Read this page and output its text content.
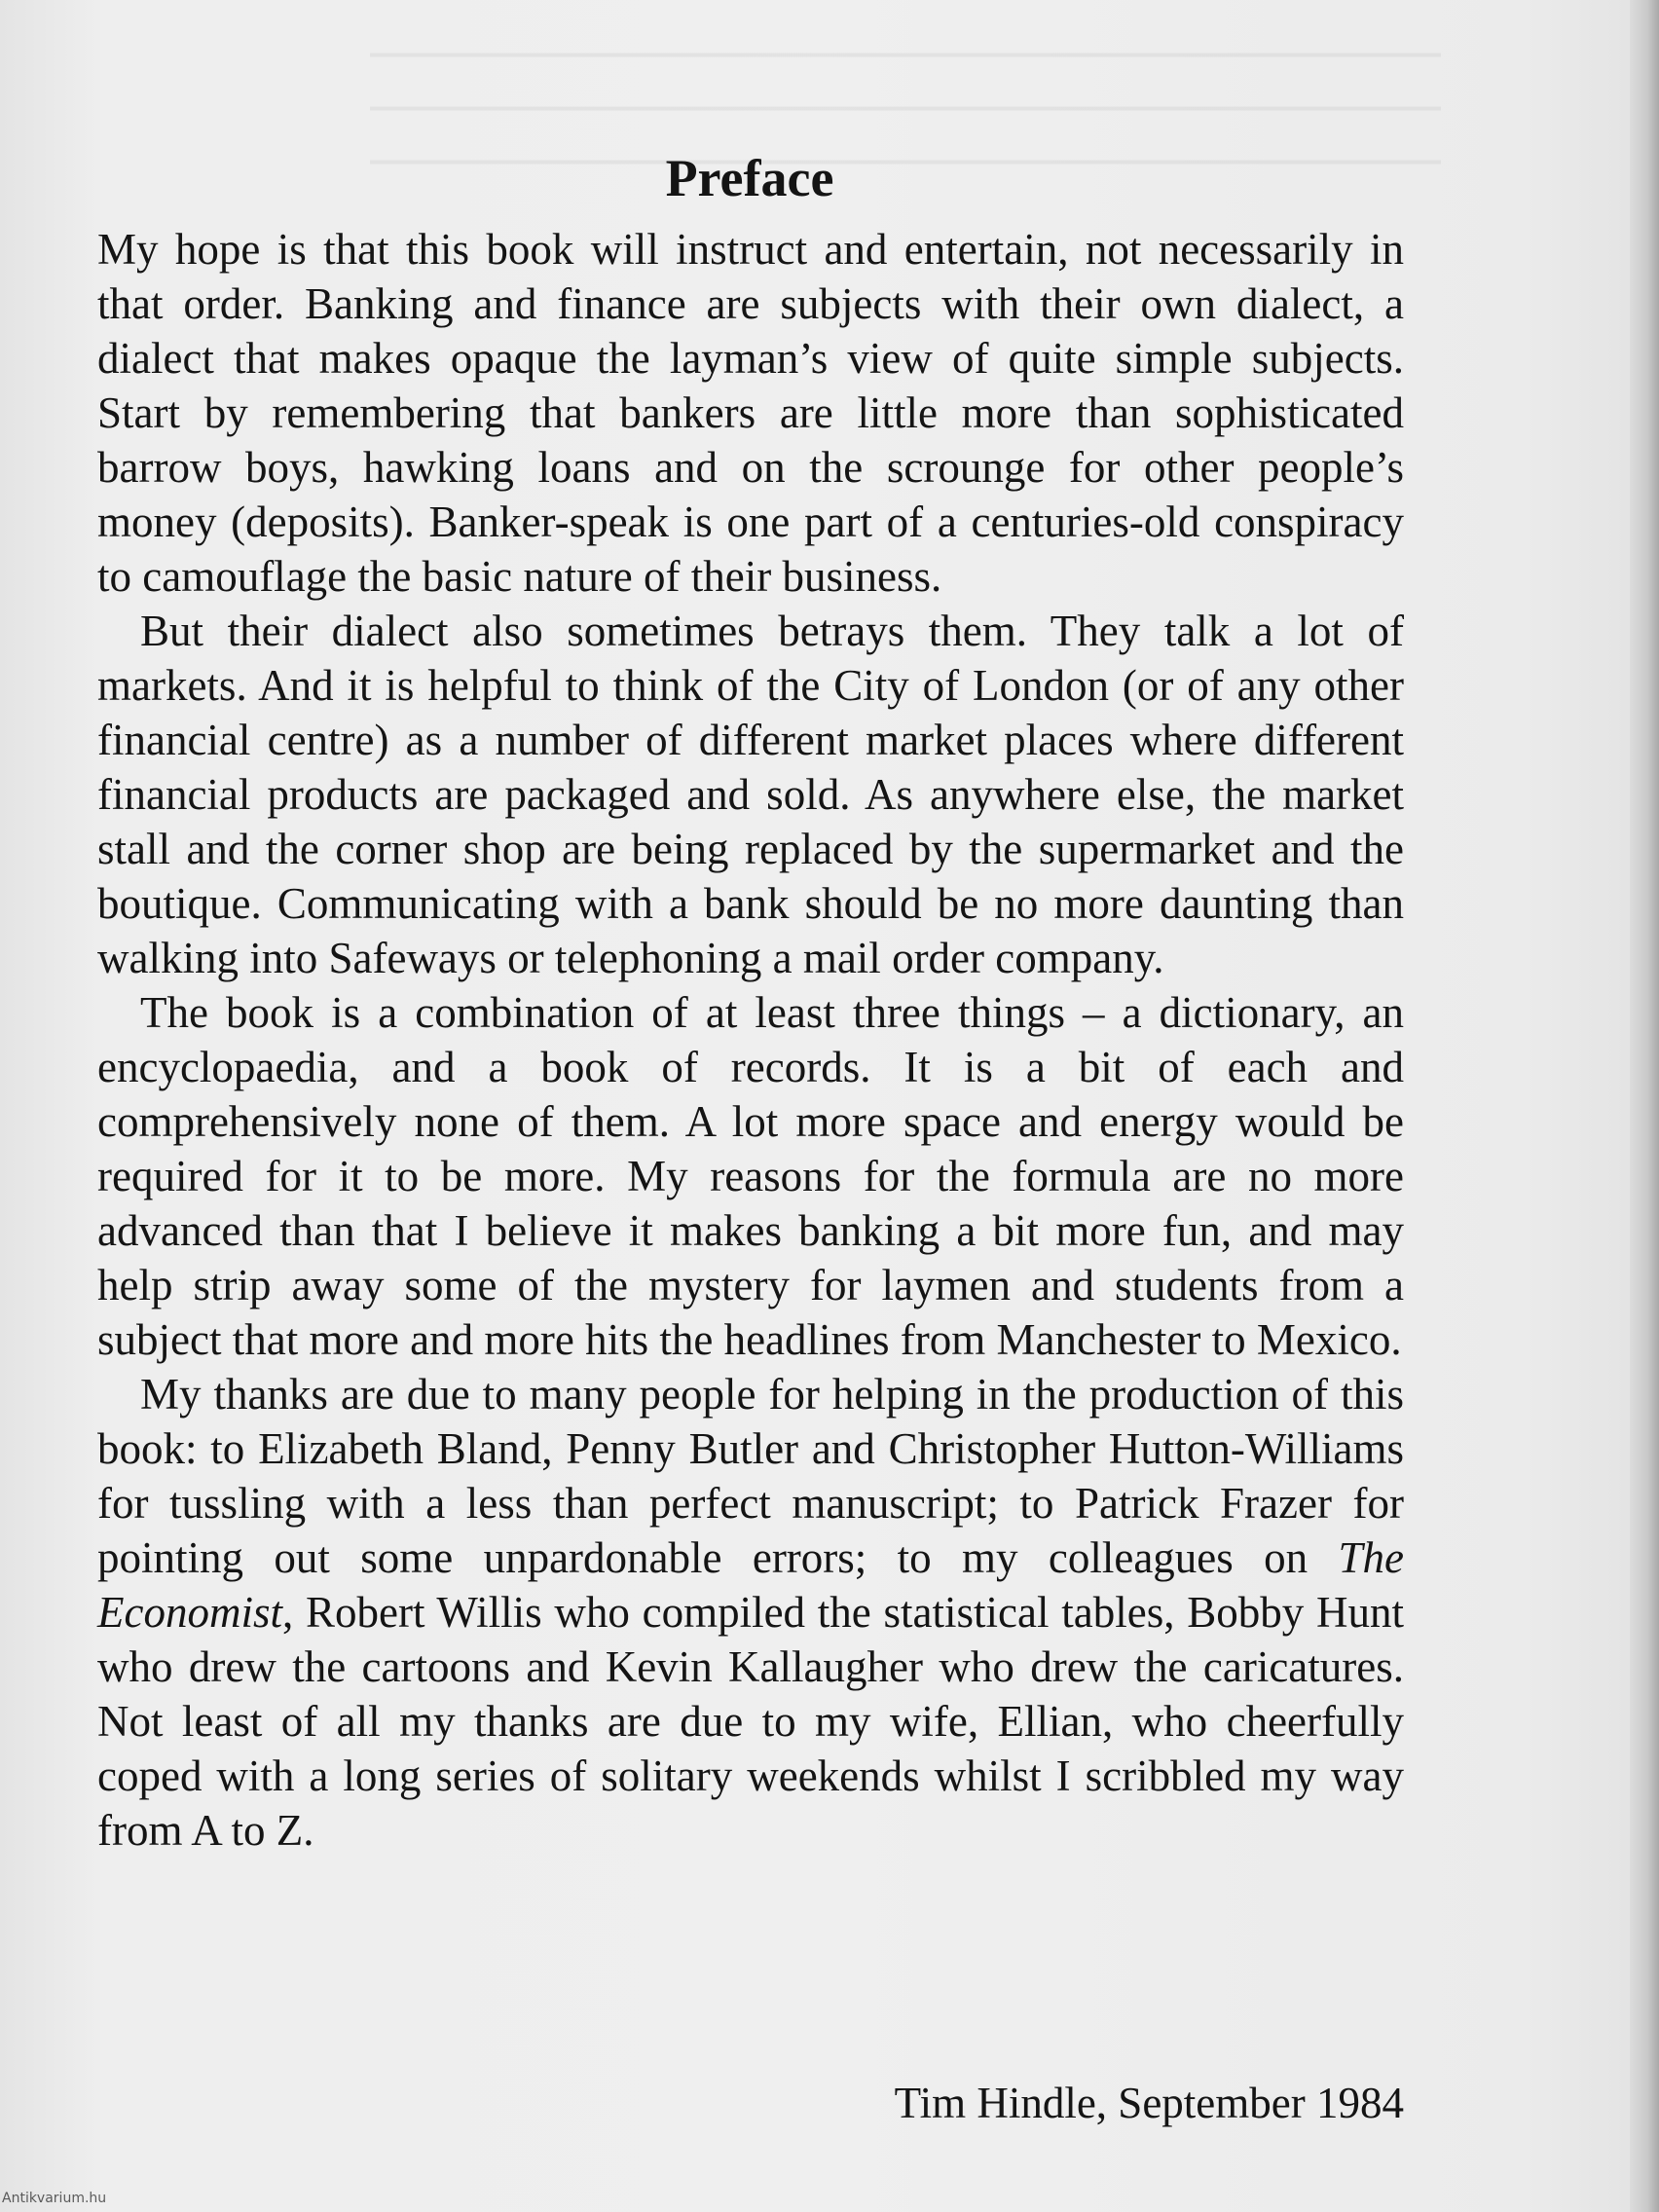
Preface

My hope is that this book will instruct and entertain, not necessarily in that order. Banking and finance are subjects with their own dialect, a dialect that makes opaque the layman’s view of quite simple subjects. Start by remembering that bankers are little more than sophisticated barrow boys, hawking loans and on the scrounge for other people’s money (deposits). Banker-speak is one part of a centuries-old conspiracy to camouflage the basic nature of their business.

But their dialect also sometimes betrays them. They talk a lot of markets. And it is helpful to think of the City of London (or of any other financial centre) as a number of different market places where different financial products are packaged and sold. As anywhere else, the market stall and the corner shop are being replaced by the supermarket and the boutique. Communicating with a bank should be no more daunting than walking into Safeways or telephoning a mail order company.

The book is a combination of at least three things – a dictionary, an encyclopaedia, and a book of records. It is a bit of each and comprehensively none of them. A lot more space and energy would be required for it to be more. My reasons for the formula are no more advanced than that I believe it makes banking a bit more fun, and may help strip away some of the mystery for laymen and students from a subject that more and more hits the headlines from Manchester to Mexico.

My thanks are due to many people for helping in the production of this book: to Elizabeth Bland, Penny Butler and Christopher Hutton-Williams for tussling with a less than perfect manuscript; to Patrick Frazer for pointing out some unpardonable errors; to my colleagues on The Economist, Robert Willis who compiled the statistical tables, Bobby Hunt who drew the cartoons and Kevin Kallaugher who drew the caricatures. Not least of all my thanks are due to my wife, Ellian, who cheerfully coped with a long series of solitary weekends whilst I scribbled my way from A to Z.

Tim Hindle, September 1984
Antikvarium.hu
